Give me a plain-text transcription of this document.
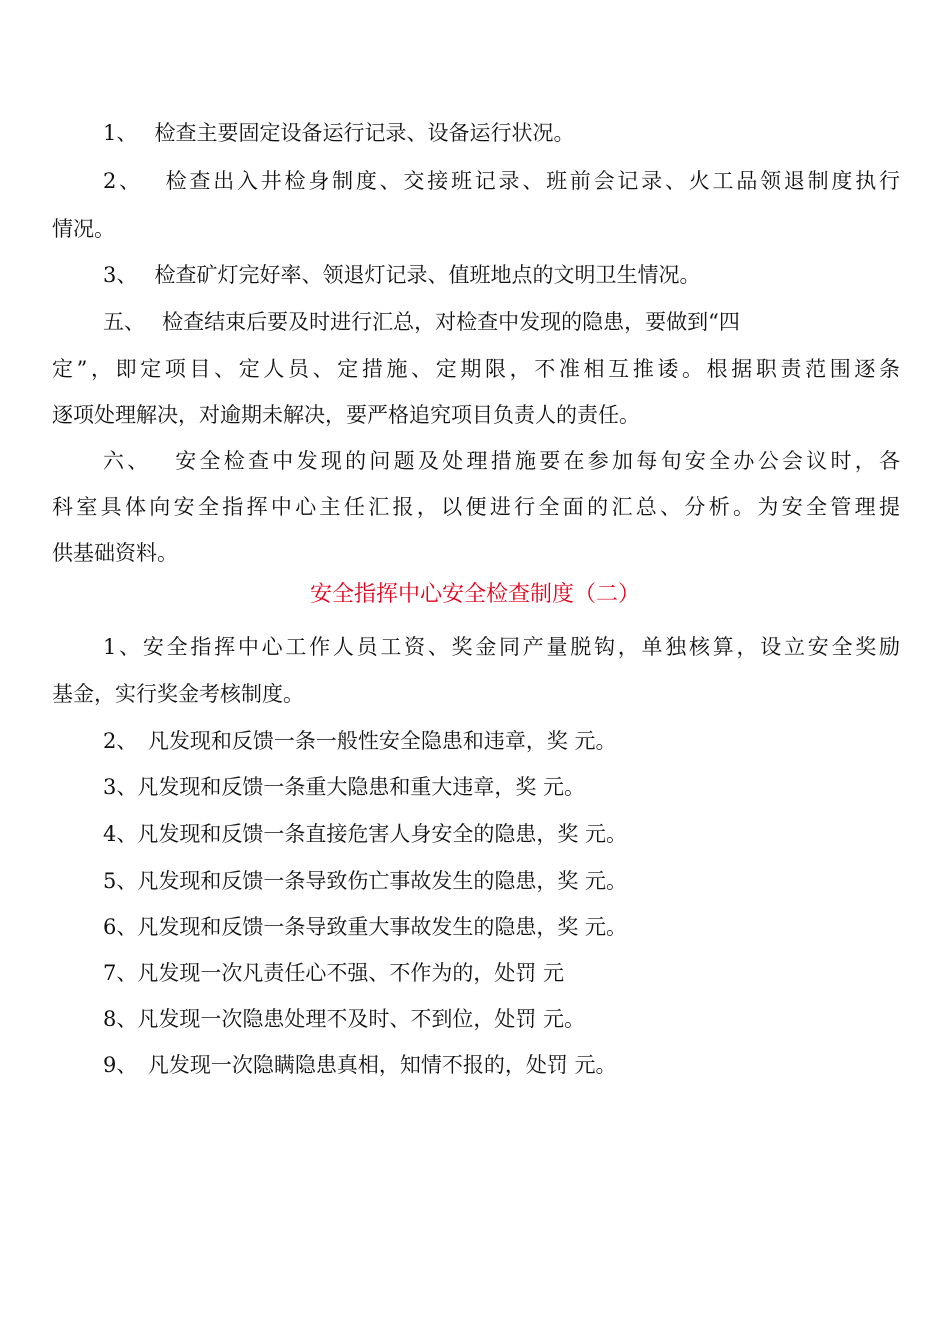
1、　 检查主要固定设备运行记录、设备运行状况。
2、　 检查出入井检身制度、交接班记录、班前会记录、火工品领退制度执行
情况。
3、　 检查矿灯完好率、领退灯记录、值班地点的文明卫生情况。
五、　 检查结束后要及时进行汇总，对检查中发现的隐患，要做到“四
定”，即定项目、定人员、定措施、定期限，不准相互推诿。根据职责范围逐条
逐项处理解决，对逾期未解决，要严格追究项目负责人的责任。
六、　 安全检查中发现的问题及处理措施要在参加每旬安全办公会议时，各
科室具体向安全指挥中心主任汇报，以便进行全面的汇总、分析。为安全管理提
供基础资料。
安全指挥中心安全检查制度（二）
1、安全指挥中心工作人员工资、奖金同产量脱钩，单独核算，设立安全奖励
基金，实行奖金考核制度。
2、　凡发现和反馈一条一般性安全隐患和违章，奖 元。
3、凡发现和反馈一条重大隐患和重大违章，奖 元。
4、凡发现和反馈一条直接危害人身安全的隐患，奖 元。
5、凡发现和反馈一条导致伤亡事故发生的隐患，奖 元。
6、凡发现和反馈一条导致重大事故发生的隐患，奖 元。
7、凡发现一次凡责任心不强、不作为的，处罚 元
8、凡发现一次隐患处理不及时、不到位，处罚 元。
9、　凡发现一次隐瞒隐患真相，知情不报的，处罚 元。
